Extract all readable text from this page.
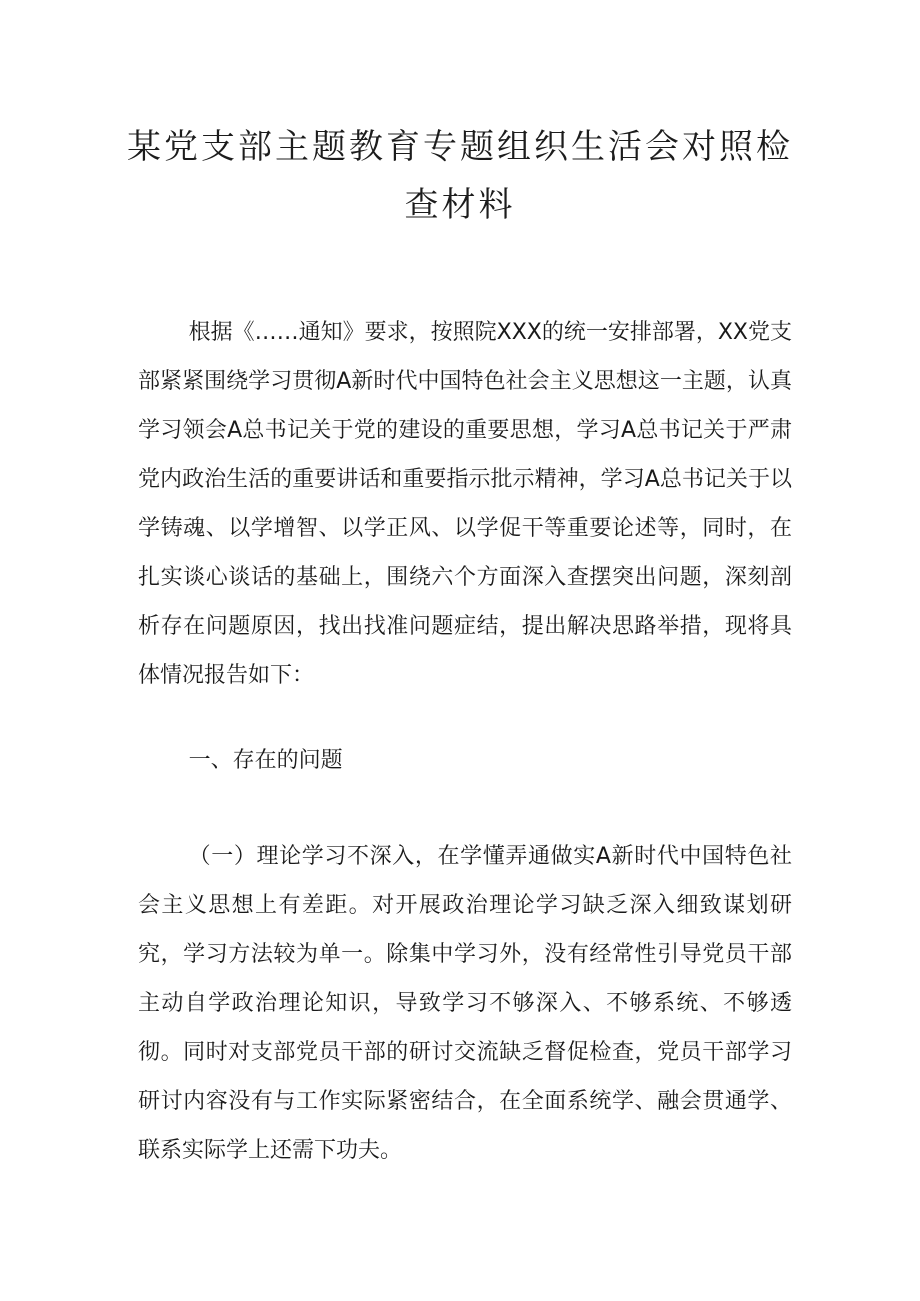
某党支部主题教育专题组织生活会对照检查材料

根据《……通知》要求，按照院XXX的统一安排部署，XX党支部紧紧围绕学习贯彻A新时代中国特色社会主义思想这一主题，认真学习领会A总书记关于党的建设的重要思想，学习A总书记关于严肃党内政治生活的重要讲话和重要指示批示精神，学习A总书记关于以学铸魂、以学增智、以学正风、以学促干等重要论述等，同时，在扎实谈心谈话的基础上，围绕六个方面深入查摆突出问题，深刻剖析存在问题原因，找出找准问题症结，提出解决思路举措，现将具体情况报告如下：

一、存在的问题

（一）理论学习不深入，在学懂弄通做实A新时代中国特色社会主义思想上有差距。对开展政治理论学习缺乏深入细致谋划研究，学习方法较为单一。除集中学习外，没有经常性引导党员干部主动自学政治理论知识，导致学习不够深入、不够系统、不够透彻。同时对支部党员干部的研讨交流缺乏督促检查，党员干部学习研讨内容没有与工作实际紧密结合，在全面系统学、融会贯通学、联系实际学上还需下功夫。
